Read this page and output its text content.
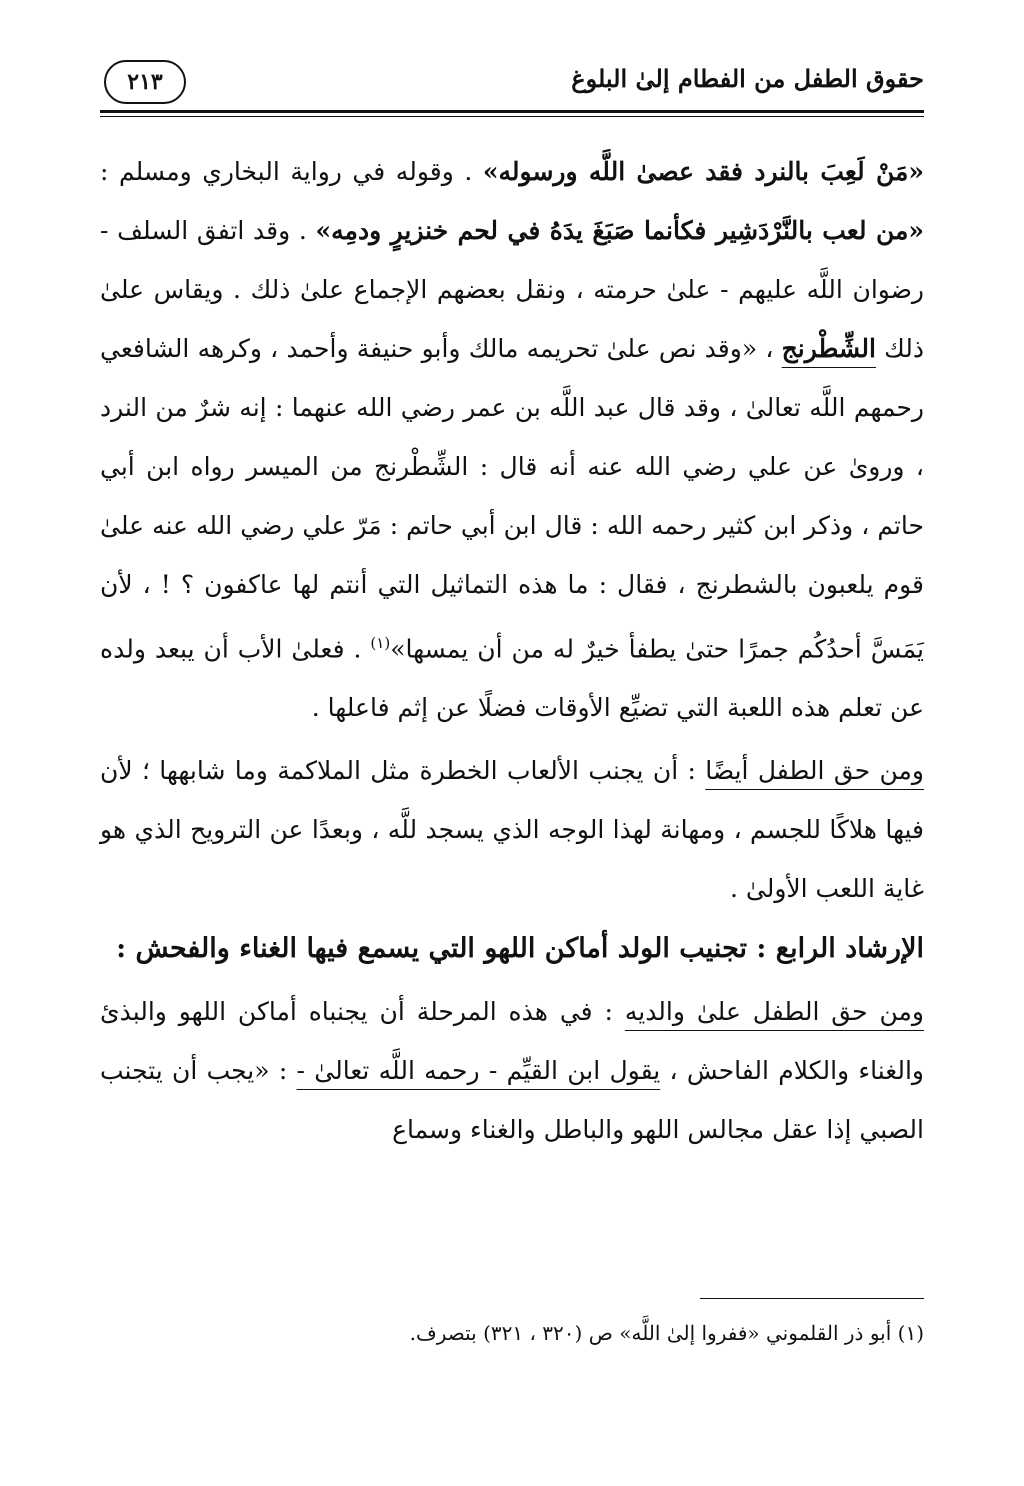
حقوق الطفل من الفطام إلىٰ البلوغ
٢١٣

«مَنْ لَعِبَ بالنرد فقد عصىٰ اللَّه ورسوله» . وقوله في رواية البخاري ومسلم : «من لعب بالنَّرْدَشِير فكأنما صَبَغَ يدَهُ في لحم خنزيرٍ ودمِه» . وقد اتفق السلف - رضوان اللَّه عليهم - علىٰ حرمته ، ونقل بعضهم الإجماع علىٰ ذلك . ويقاس علىٰ ذلك الشِّطْرنج ، «وقد نص علىٰ تحريمه مالك وأبو حنيفة وأحمد ، وكرهه الشافعي رحمهم اللَّه تعالىٰ ، وقد قال عبد اللَّه بن عمر رضي الله عنهما : إنه شرٌ من النرد ، وروىٰ عن علي رضي الله عنه أنه قال : الشِّطْرنج من الميسر رواه ابن أبي حاتم ، وذكر ابن كثير رحمه الله : قال ابن أبي حاتم : مَرّ علي رضي الله عنه علىٰ قوم يلعبون بالشطرنج ، فقال : ما هذه التماثيل التي أنتم لها عاكفون ؟ ! ، لأن يَمَسَّ أحدُكُم جمرًا حتىٰ يطفأ خيرٌ له من أن يمسها»$^{(١)}$ . فعلىٰ الأب أن يبعد ولده عن تعلم هذه اللعبة التي تضيِّع الأوقات فضلًا عن إثم فاعلها .

ومن حق الطفل أيضًا : أن يجنب الألعاب الخطرة مثل الملاكمة وما شابهها ؛ لأن فيها هلاكًا للجسم ، ومهانة لهذا الوجه الذي يسجد للَّه ، وبعدًا عن الترويح الذي هو غاية اللعب الأولىٰ .

الإرشاد الرابع : تجنيب الولد أماكن اللهو التي يسمع فيها الغناء والفحش :

ومن حق الطفل علىٰ والديه : في هذه المرحلة أن يجنباه أماكن اللهو والبذئ والغناء والكلام الفاحش ، يقول ابن القيِّم - رحمه اللَّه تعالىٰ - : «يجب أن يتجنب الصبي إذا عقل مجالس اللهو والباطل والغناء وسماع

(١) أبو ذر القلموني «ففروا إلىٰ اللَّه» ص (٣٢٠ ، ٣٢١) بتصرف.
